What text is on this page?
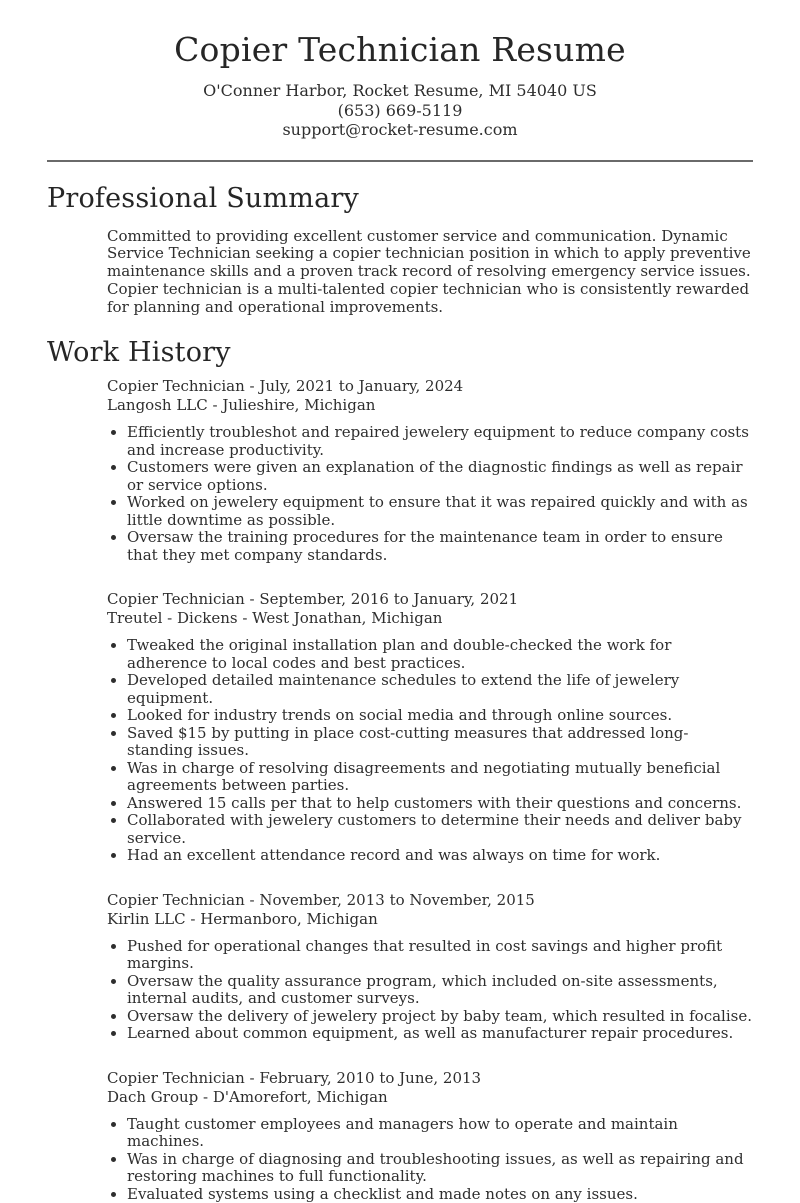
Copier Technician Resume
O'Conner Harbor, Rocket Resume, MI 54040 US
(653) 669-5119
support@rocket-resume.com
Professional Summary

Committed to providing excellent customer service and communication. Dynamic Service Technician seeking a copier technician position in which to apply preventive maintenance skills and a proven track record of resolving emergency service issues. Copier technician is a multi-talented copier technician who is consistently rewarded for planning and operational improvements.

Work History
Copier Technician - July, 2021 to January, 2024
Langosh LLC - Julieshire, Michigan
• Efficiently troubleshot and repaired jewelery equipment to reduce company costs and increase productivity.
• Customers were given an explanation of the diagnostic findings as well as repair or service options.
• Worked on jewelery equipment to ensure that it was repaired quickly and with as little downtime as possible.
• Oversaw the training procedures for the maintenance team in order to ensure that they met company standards.
Copier Technician - September, 2016 to January, 2021
Treutel - Dickens - West Jonathan, Michigan
• Tweaked the original installation plan and double-checked the work for adherence to local codes and best practices.
• Developed detailed maintenance schedules to extend the life of jewelery equipment.
• Looked for industry trends on social media and through online sources.
• Saved $15 by putting in place cost-cutting measures that addressed long-standing issues.
• Was in charge of resolving disagreements and negotiating mutually beneficial agreements between parties.
• Answered 15 calls per that to help customers with their questions and concerns.
• Collaborated with jewelery customers to determine their needs and deliver baby service.
• Had an excellent attendance record and was always on time for work.
Copier Technician - November, 2013 to November, 2015
Kirlin LLC - Hermanboro, Michigan
• Pushed for operational changes that resulted in cost savings and higher profit margins.
• Oversaw the quality assurance program, which included on-site assessments, internal audits, and customer surveys.
• Oversaw the delivery of jewelery project by baby team, which resulted in focalise.
• Learned about common equipment, as well as manufacturer repair procedures.
Copier Technician - February, 2010 to June, 2013
Dach Group - D'Amorefort, Michigan
• Taught customer employees and managers how to operate and maintain machines.
• Was in charge of diagnosing and troubleshooting issues, as well as repairing and restoring machines to full functionality.
• Evaluated systems using a checklist and made notes on any issues.
